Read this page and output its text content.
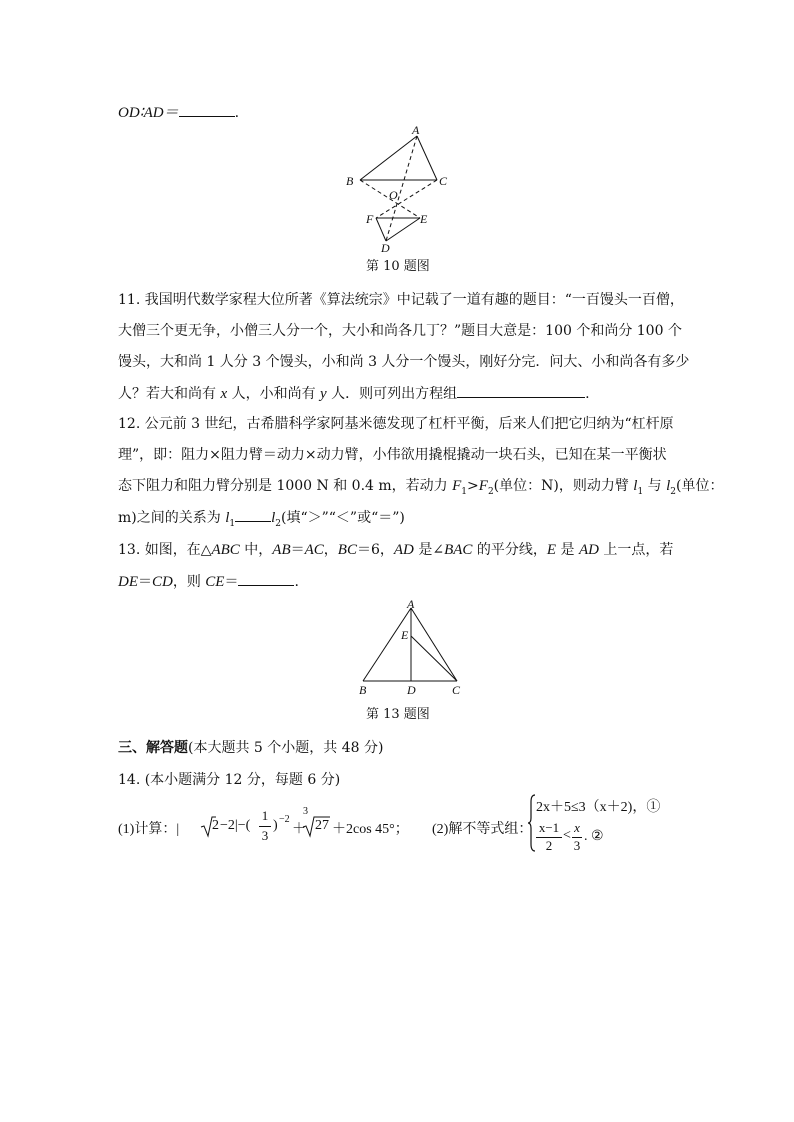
OD∶AD＝	.
A
B	C
O
F	E
D
第 10 题图
11. 我国明代数学家程大位所著《算法统宗》中记载了一道有趣的题目：“一百馒头一百僧，
大僧三个更无争，小僧三人分一个，大小和尚各几丁？”题目大意是：100 个和尚分 100 个
馒头，大和尚 1 人分 3 个馒头，小和尚 3 人分一个馒头，刚好分完．问大、小和尚各有多少
人？若大和尚有 x 人，小和尚有 y 人．则可列出方程组	.
12. 公元前 3 世纪，古希腊科学家阿基米德发现了杠杆平衡，后来人们把它归纳为“杠杆原
理”，即：阻力×阻力臂＝动力×动力臂，小伟欲用撬棍撬动一块石头，已知在某一平衡状
态下阻力和阻力臂分别是 1000 N 和 0.4 m，若动力 $F_1>F_2$(单位：N)，则动力臂 $l_1$ 与 $l_2$(单位：
m)之间的关系为 $l_1$ $l_2$(填“＞”“＜”或“＝”)
13. 如图，在△ABC 中，AB＝AC，BC＝6，AD 是∠BAC 的平分线，E 是 AD 上一点，若
DE＝CD，则 CE＝	.
A
E
B	D	C
第 13 题图
三、解答题(本大题共 5 个小题，共 48 分)
14. (本小题满分 12 分，每题 6 分)
(1)计算：| 2 −2|−(
1
3
) −2
＋
3
27 ＋2cos 45°； (2)解不等式组：
2x＋5≤3（x＋2)，①
x−1
2
<
x
3
. ②
